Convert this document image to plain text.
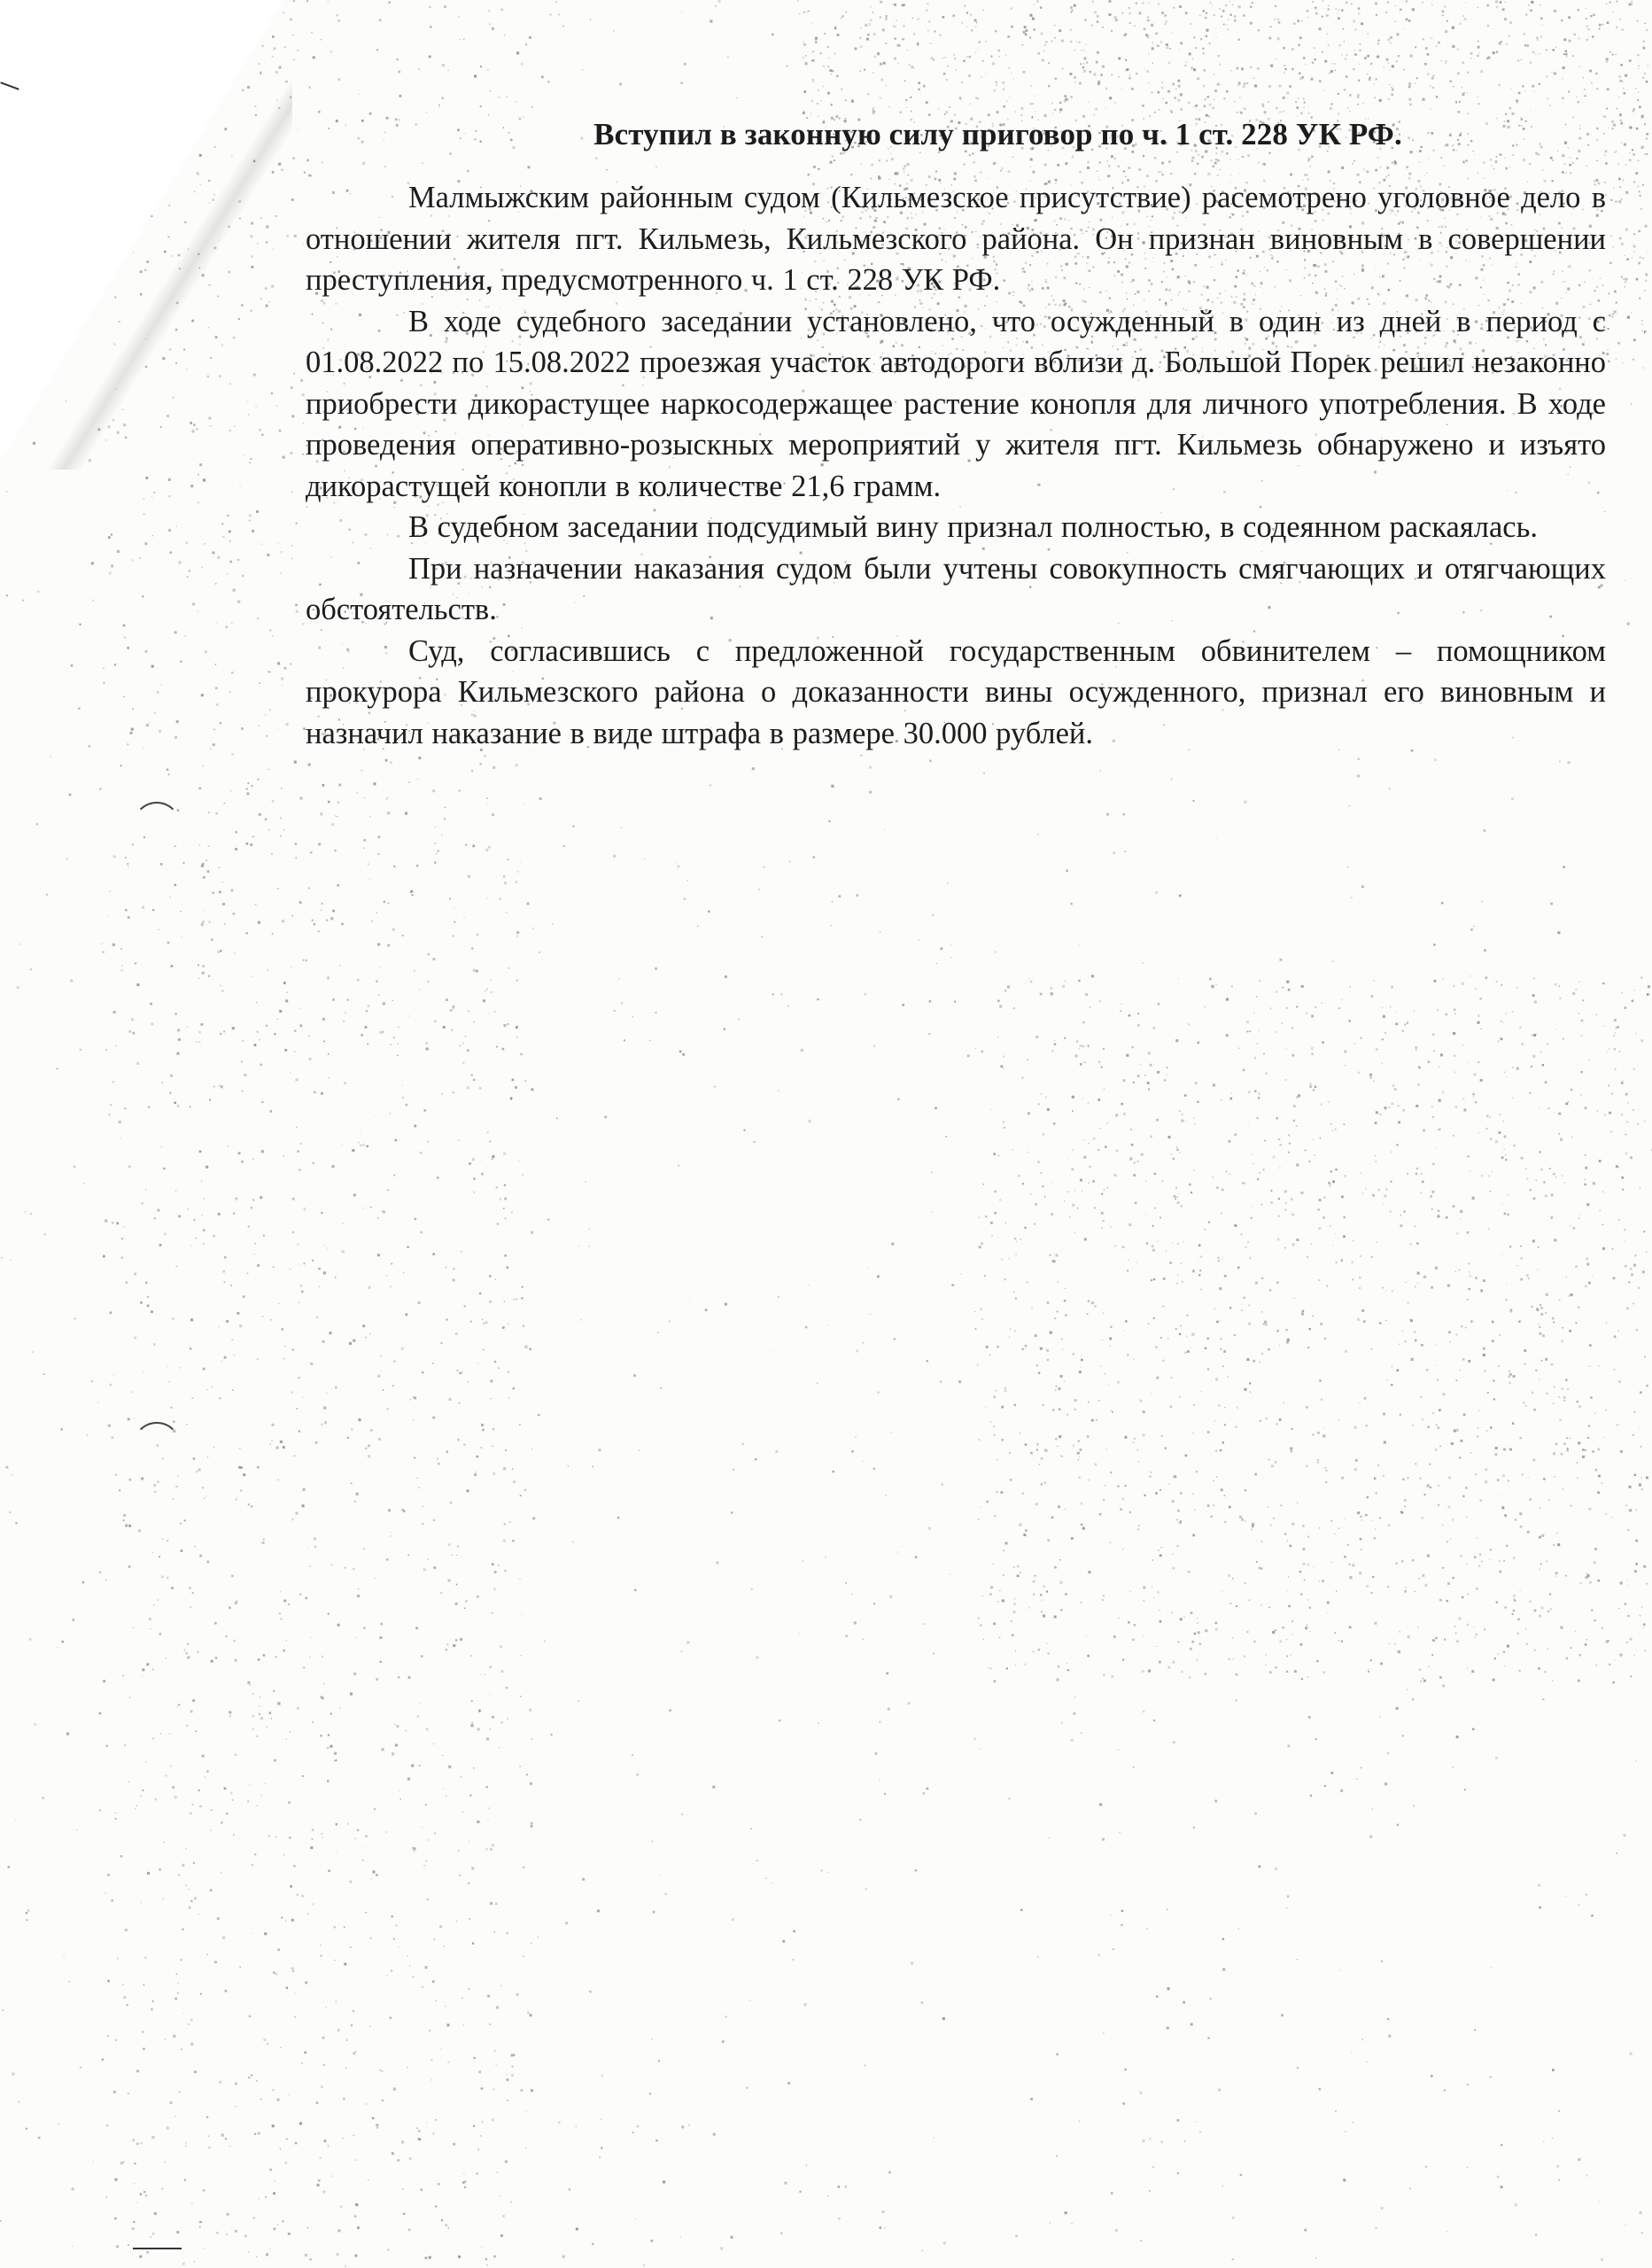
Вступил в законную силу приговор по ч. 1 ст. 228 УК РФ.

Малмыжским районным судом (Кильмезское присутствие) расемотрено уголовное дело в отношении жителя пгт. Кильмезь, Кильмезского района. Он признан виновным в совершении преступления, предусмотренного ч. 1 ст. 228 УК РФ.

В ходе судебного заседании установлено, что осужденный в один из дней в период с 01.08.2022 по 15.08.2022 проезжая участок автодороги вблизи д. Большой Порек решил незаконно приобрести дикорастущее наркосодержащее растение конопля для личного употребления. В ходе проведения оперативно-розыскных мероприятий у жителя пгт. Кильмезь обнаружено и изъято дикорастущей конопли в количестве 21,6 грамм.

В судебном заседании подсудимый вину признал полностью, в содеянном раскаялась.

При назначении наказания судом были учтены совокупность смягчающих и отягчающих обстоятельств.

Суд, согласившись с предложенной государственным обвинителем – помощником прокурора Кильмезского района о доказанности вины осужденного, признал его виновным и назначил наказание в виде штрафа в размере 30.000 рублей.
